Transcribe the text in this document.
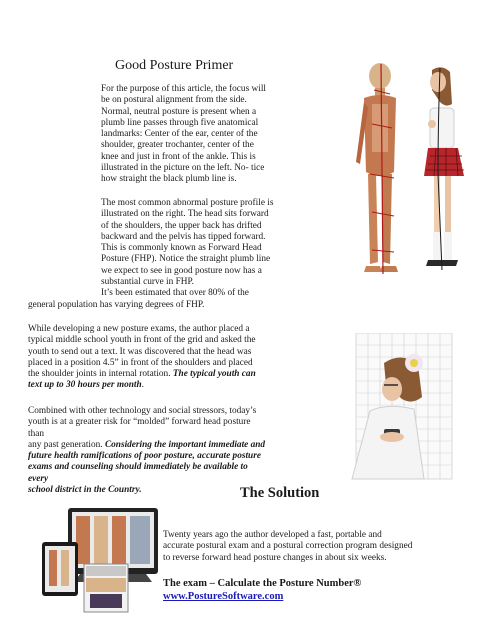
Good Posture Primer
For the purpose of this article, the focus will
be on postural alignment from the side.
Normal, neutral posture is present when a
plumb line passes through five anatomical
landmarks: Center of the ear, center of the
shoulder, greater trochanter, center of the
knee and just in front of the ankle. This is
illustrated in the picture on the left. No- tice
how straight the black plumb line is.
The most common abnormal posture profile is
illustrated on the right. The head sits forward
of the shoulders, the upper back has drifted
backward and the pelvis has tipped forward.
This is commonly known as Forward Head
Posture (FHP). Notice the straight plumb line
we expect to see in good posture now has a
substantial curve in FHP.
It’s been estimated that over 80% of the
general population has varying degrees of FHP.
While developing a new posture exams, the author placed a
typical middle school youth in front of the grid and asked the
youth to send out a text. It was discovered that the head was
placed in a position 4.5” in front of the shoulders and placed
the shoulder joints in internal rotation. The typical youth can
text up to 30 hours per month.
Combined with other technology and social stressors, today’s
youth is at a greater risk for “molded” forward head posture than
any past generation. Considering the important immediate and
future health ramifications of poor posture, accurate posture
exams and counseling should immediately be available to every
school district in the Country.	The Solution
Twenty years ago the author developed a fast, portable and
accurate postural exam and a postural correction program designed
to reverse forward head posture changes in about six weeks.
The exam – Calculate the Posture Number®
www.PostureSoftware.com
